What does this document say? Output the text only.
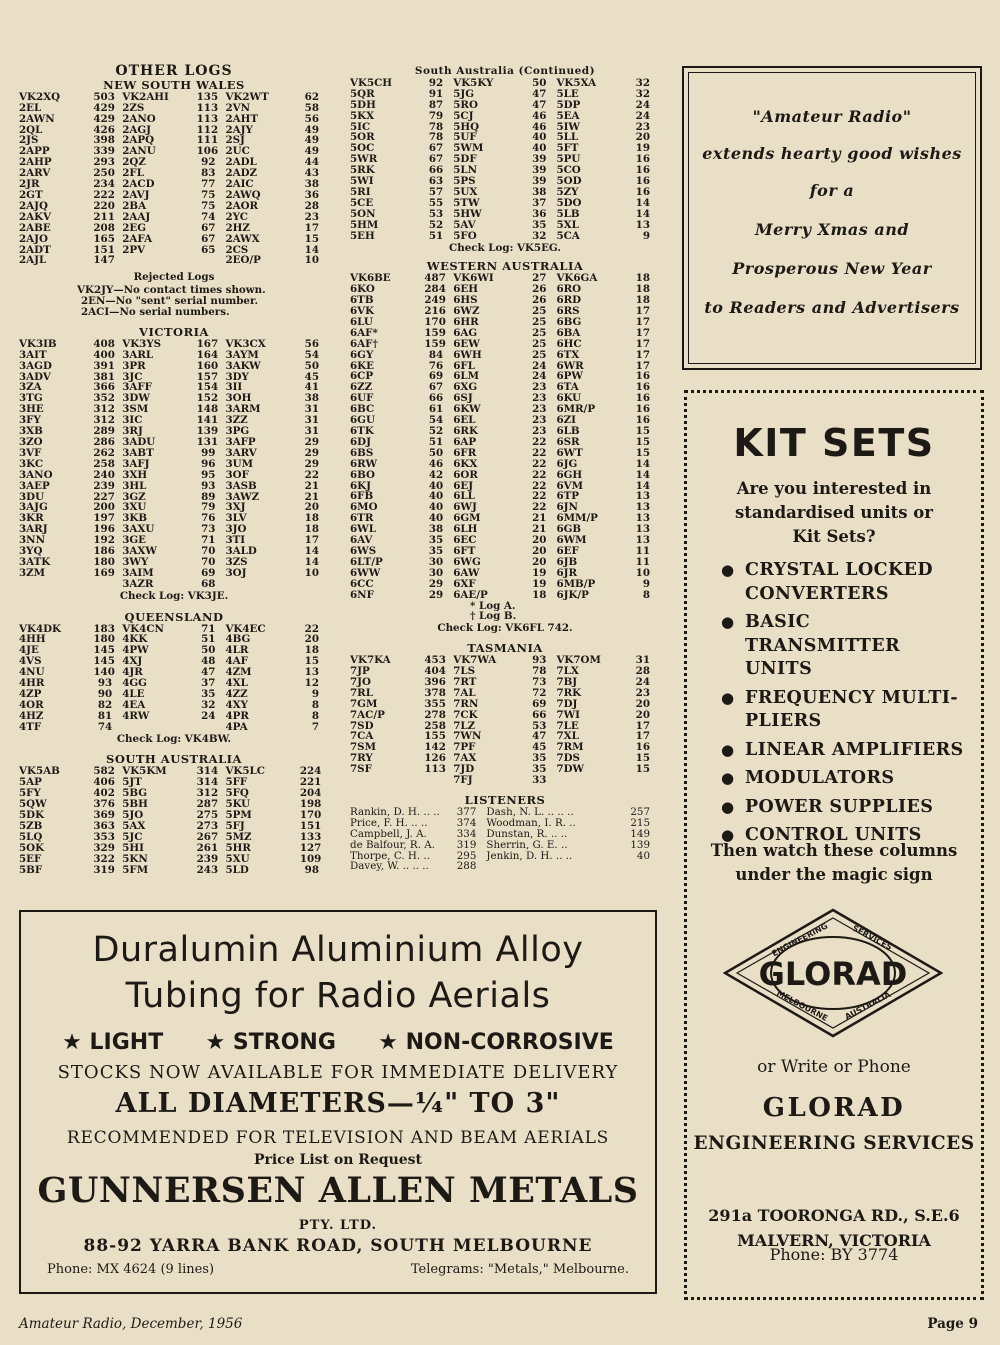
OTHER LOGS
NEW SOUTH WALES
VK2XQ	503	VK2AHI	135	VK2WT	62
2EL	429	2ZS	113	2VN	58
2AWN	429	2ANO	113	2AHT	56
2QL	426	2AGJ	112	2AJY	49
2JS	398	2APQ	111	2SJ	49
2APP	339	2ANU	106	2UC	49
2AHP	293	2QZ	92	2ADL	44
2ARV	250	2FL	83	2ADZ	43
2JR	234	2ACD	77	2AIC	38
2GT	222	2AVJ	75	2AWQ	36
2AJQ	220	2BA	75	2AOR	28
2AKV	211	2AAJ	74	2YC	23
2ABE	208	2EG	67	2HZ	17
2AJO	165	2AFA	67	2AWX	15
2ADT	151	2PV	65	2CS	14
2AJL	147			2EO/P	10
Rejected Logs
VK2JY—No contact times shown.
2EN—No "sent" serial number.
2ACI—No serial numbers.
VICTORIA
VK3IB	408	VK3YS	167	VK3CX	56
3AIT	400	3ARL	164	3AYM	54
3AGD	391	3PR	160	3AKW	50
3ADV	381	3JC	157	3DY	45
3ZA	366	3AFF	154	3II	41
3TG	352	3DW	152	3OH	38
3HE	312	3SM	148	3ARM	31
3FY	312	3IC	141	3ZZ	31
3XB	289	3RJ	139	3PG	31
3ZO	286	3ADU	131	3AFP	29
3VF	262	3ABT	99	3ARV	29
3KC	258	3AFJ	96	3UM	29
3ANO	240	3XH	95	3OF	22
3AEP	239	3HL	93	3ASB	21
3DU	227	3GZ	89	3AWZ	21
3AJG	200	3XU	79	3XJ	20
3KR	197	3KB	76	3LV	18
3ARJ	196	3AXU	73	3JO	18
3NN	192	3GE	71	3TI	17
3YQ	186	3AXW	70	3ALD	14
3ATK	180	3WY	70	3ZS	14
3ZM	169	3AIM	69	3OJ	10
		3AZR	68		
Check Log: VK3JE.
QUEENSLAND
VK4DK	183	VK4CN	71	VK4EC	22
4HH	180	4KK	51	4BG	20
4JE	145	4PW	50	4LR	18
4VS	145	4XJ	48	4AF	15
4NU	140	4JR	47	4ZM	13
4HR	93	4GG	37	4XL	12
4ZP	90	4LE	35	4ZZ	9
4OR	82	4EA	32	4XY	8
4HZ	81	4RW	24	4PR	8
4TF	74			4PA	7
Check Log: VK4BW.
SOUTH AUSTRALIA
VK5AB	582	VK5KM	314	VK5LC	224
5AP	406	5JT	314	5FF	221
5FY	402	5BG	312	5FQ	204
5QW	376	5BH	287	5KU	198
5DK	369	5JO	275	5PM	170
5ZB	363	5AX	273	5FJ	151
5LQ	353	5JC	267	5MZ	133
5OK	329	5HI	261	5HR	127
5EF	322	5KN	239	5XU	109
5BF	319	5FM	243	5LD	98
South Australia (Continued)
VK5CH	92	VK5KY	50	VK5XA	32
5QR	91	5JG	47	5LE	32
5DH	87	5RO	47	5DP	24
5KX	79	5CJ	46	5EA	24
5IC	78	5HQ	46	5IW	23
5OR	78	5UF	40	5LL	20
5OC	67	5WM	40	5FT	19
5WR	67	5DF	39	5PU	16
5RK	66	5LN	39	5CO	16
5WI	63	5PS	39	5OD	16
5RI	57	5UX	38	5ZY	16
5CE	55	5TW	37	5DO	14
5ON	53	5HW	36	5LB	14
5HM	52	5AV	35	5XL	13
5EH	51	5FO	32	5CA	9
Check Log: VK5EG.
WESTERN AUSTRALIA
VK6BE	487	VK6WI	27	VK6GA	18
6KO	284	6EH	26	6RO	18
6TB	249	6HS	26	6RD	18
6VK	216	6WZ	25	6RS	17
6LU	170	6HR	25	6BG	17
6AF*	159	6AG	25	6BA	17
6AF†	159	6EW	25	6HC	17
6GY	84	6WH	25	6TX	17
6KE	76	6FL	24	6WR	17
6CP	69	6LM	24	6PW	16
6ZZ	67	6XG	23	6TA	16
6UF	66	6SJ	23	6KU	16
6BC	61	6KW	23	6MR/P	16
6GU	54	6EL	23	6ZI	16
6TK	52	6RK	23	6LB	15
6DJ	51	6AP	22	6SR	15
6BS	50	6FR	22	6WT	15
6RW	46	6KX	22	6JG	14
6BO	42	6OR	22	6GH	14
6KJ	40	6EJ	22	6VM	14
6FB	40	6LL	22	6TP	13
6MO	40	6WJ	22	6JN	13
6TR	40	6GM	21	6MM/P	13
6WL	38	6LH	21	6GB	13
6AV	35	6EC	20	6WM	13
6WS	35	6FT	20	6EF	11
6LT/P	30	6WG	20	6JB	11
6WW	30	6AW	19	6JR	10
6CC	29	6XF	19	6MB/P	9
6NF	29	6AE/P	18	6JK/P	8
* Log A.
† Log B.
Check Log: VK6FL 742.
TASMANIA
VK7KA	453	VK7WA	93	VK7OM	31
7JP	404	7LS	78	7LX	28
7JO	396	7RT	73	7BJ	24
7RL	378	7AL	72	7RK	23
7GM	355	7RN	69	7DJ	20
7AC/P	278	7CK	66	7WI	20
7SD	258	7LZ	53	7LE	17
7CA	155	7WN	47	7XL	17
7SM	142	7PF	45	7RM	16
7RY	126	7AX	35	7DS	15
7SF	113	7JD	35	7DW	15
		7FJ	33		
LISTENERS
Rankin, D. H. .. ..	377	Dash, N. L. .. .. ..	257
Price, F. H. .. ..	374	Woodman, I. R. ..	215
Campbell, J. A.	334	Dunstan, R. .. ..	149
de Balfour, R. A.	319	Sherrin, G. E. ..	139
Thorpe, C. H. ..	295	Jenkin, D. H. .. ..	40
Davey, W. .. .. ..	288		

"Amateur Radio"

extends hearty good wishes

for a

Merry Xmas and

Prosperous New Year

to Readers and Advertisers

KIT SETS
Are you interested in
standardised units or
Kit Sets?
● CRYSTAL LOCKED CONVERTERS
● BASIC TRANSMITTER UNITS
● FREQUENCY MULTI-PLIERS
● LINEAR AMPLIFIERS
● MODULATORS
● POWER SUPPLIES
● CONTROL UNITS
Then watch these columns
under the magic sign
GLORAD
ENGINEERING	SERVICES
MELBOURNE AUSTRALIA
or Write or Phone
GLORAD
ENGINEERING SERVICES
291a TOORONGA RD., S.E.6
MALVERN, VICTORIA
Phone: BY 3774
Duralumin Aluminium Alloy
Tubing for Radio Aerials
★ LIGHT ★ STRONG ★ NON-CORROSIVE
STOCKS NOW AVAILABLE FOR IMMEDIATE DELIVERY
ALL DIAMETERS—¼" TO 3"
RECOMMENDED FOR TELEVISION AND BEAM AERIALS
Price List on Request
GUNNERSEN ALLEN METALS
PTY. LTD.
88-92 YARRA BANK ROAD, SOUTH MELBOURNE
Phone: MX 4624 (9 lines)	Telegrams: "Metals," Melbourne.
Amateur Radio, December, 1956	Page 9
